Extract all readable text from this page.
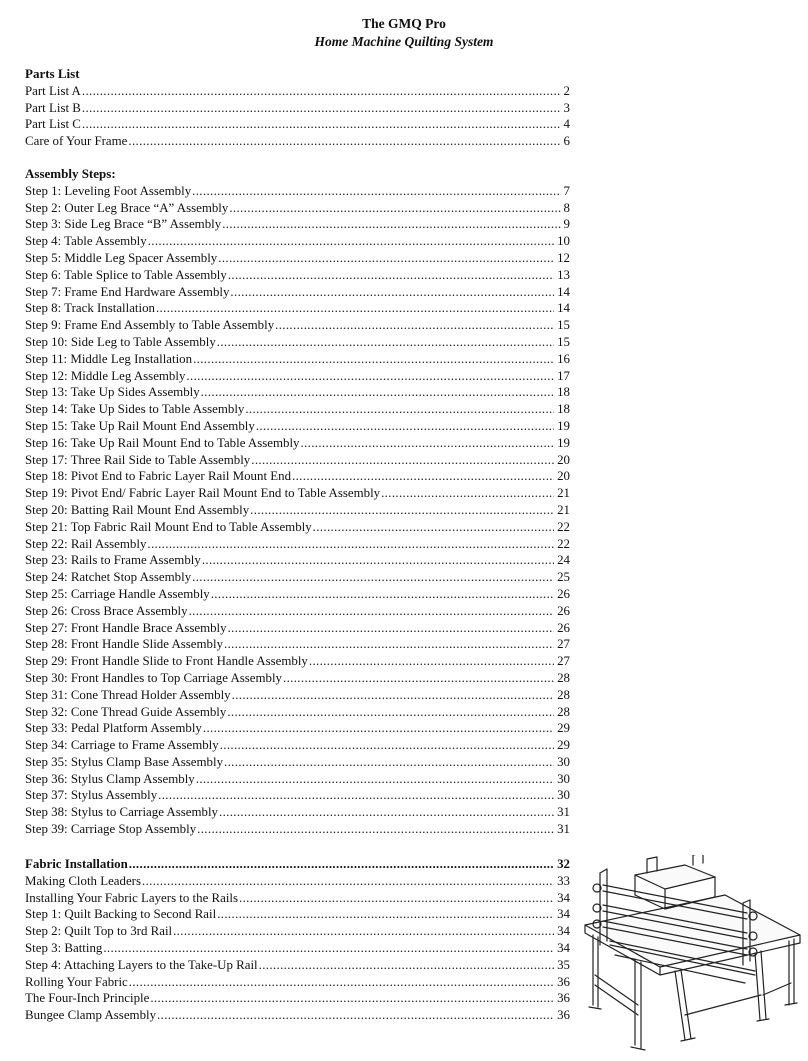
The GMQ Pro
Home Machine Quilting System
Parts List
Part List A .....	2
Part List B .....	3
Part List C .....	4
Care of Your Frame .....	6
Assembly Steps:
Step 1: Leveling Foot Assembly .....	7
Step 2: Outer Leg Brace “A” Assembly .....	8
Step 3: Side Leg Brace “B” Assembly .....	9
Step 4: Table Assembly .....	10
Step 5: Middle Leg Spacer Assembly .....	12
Step 6: Table Splice to Table Assembly .....	13
Step 7: Frame End Hardware Assembly .....	14
Step 8: Track Installation .....	14
Step 9: Frame End Assembly to Table Assembly .....	15
Step 10: Side Leg to Table Assembly .....	15
Step 11: Middle Leg Installation .....	16
Step 12: Middle Leg Assembly .....	17
Step 13: Take Up Sides Assembly .....	18
Step 14: Take Up Sides to Table Assembly .....	18
Step 15: Take Up Rail Mount End Assembly .....	19
Step 16: Take Up Rail Mount End to Table Assembly .....	19
Step 17: Three Rail Side to Table Assembly .....	20
Step 18: Pivot End to Fabric Layer Rail Mount End .....	20
Step 19: Pivot End/ Fabric Layer Rail Mount End to Table Assembly .....	21
Step 20: Batting Rail Mount End Assembly .....	21
Step 21: Top Fabric Rail Mount End to Table Assembly .....	22
Step 22: Rail Assembly .....	22
Step 23: Rails to Frame Assembly .....	24
Step 24: Ratchet Stop Assembly .....	25
Step 25: Carriage Handle Assembly .....	26
Step 26: Cross Brace Assembly .....	26
Step 27: Front Handle Brace Assembly .....	26
Step 28: Front Handle Slide Assembly .....	27
Step 29: Front Handle Slide to Front Handle Assembly .....	27
Step 30: Front Handles to Top Carriage Assembly .....	28
Step 31: Cone Thread Holder Assembly .....	28
Step 32: Cone Thread Guide Assembly .....	28
Step 33: Pedal Platform Assembly .....	29
Step 34: Carriage to Frame Assembly .....	29
Step 35: Stylus Clamp Base Assembly .....	30
Step 36: Stylus Clamp Assembly .....	30
Step 37: Stylus Assembly .....	30
Step 38: Stylus to Carriage Assembly .....	31
Step 39: Carriage Stop Assembly .....	31
Fabric Installation .....	32
Making Cloth Leaders .....	33
Installing Your Fabric Layers to the Rails .....	34
Step 1: Quilt Backing to Second Rail .....	34
Step 2: Quilt Top to 3rd Rail .....	34
Step 3: Batting .....	34
Step 4: Attaching Layers to the Take-Up Rail .....	35
Rolling Your Fabric .....	36
The Four-Inch Principle .....	36
Bungee Clamp Assembly .....	36
